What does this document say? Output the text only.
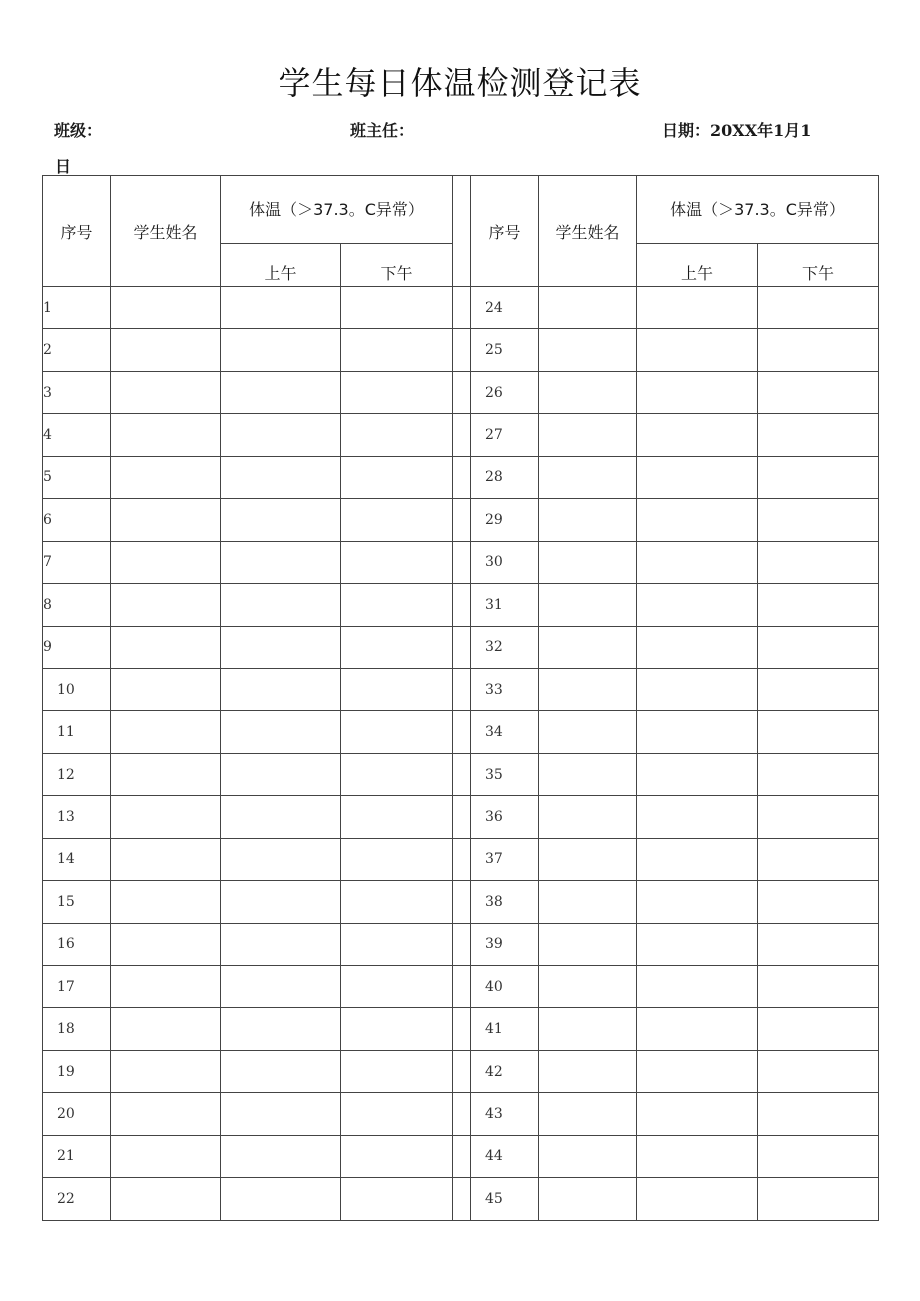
学生每日体温检测登记表
班级：	班主任：	日期：20XX年1月1
日
序号	学生姓名	体温（＞37.3。C异常）			序号	学生姓名	体温（＞37.3。C异常）	
		上午	下午				上午	下午
1					24			
2					25			
3					26			
4					27			
5					28			
6					29			
7					30			
8					31			
9					32			
10					33			
11					34			
12					35			
13					36			
14					37			
15					38			
16					39			
17					40			
18					41			
19					42			
20					43			
21					44			
22					45			
